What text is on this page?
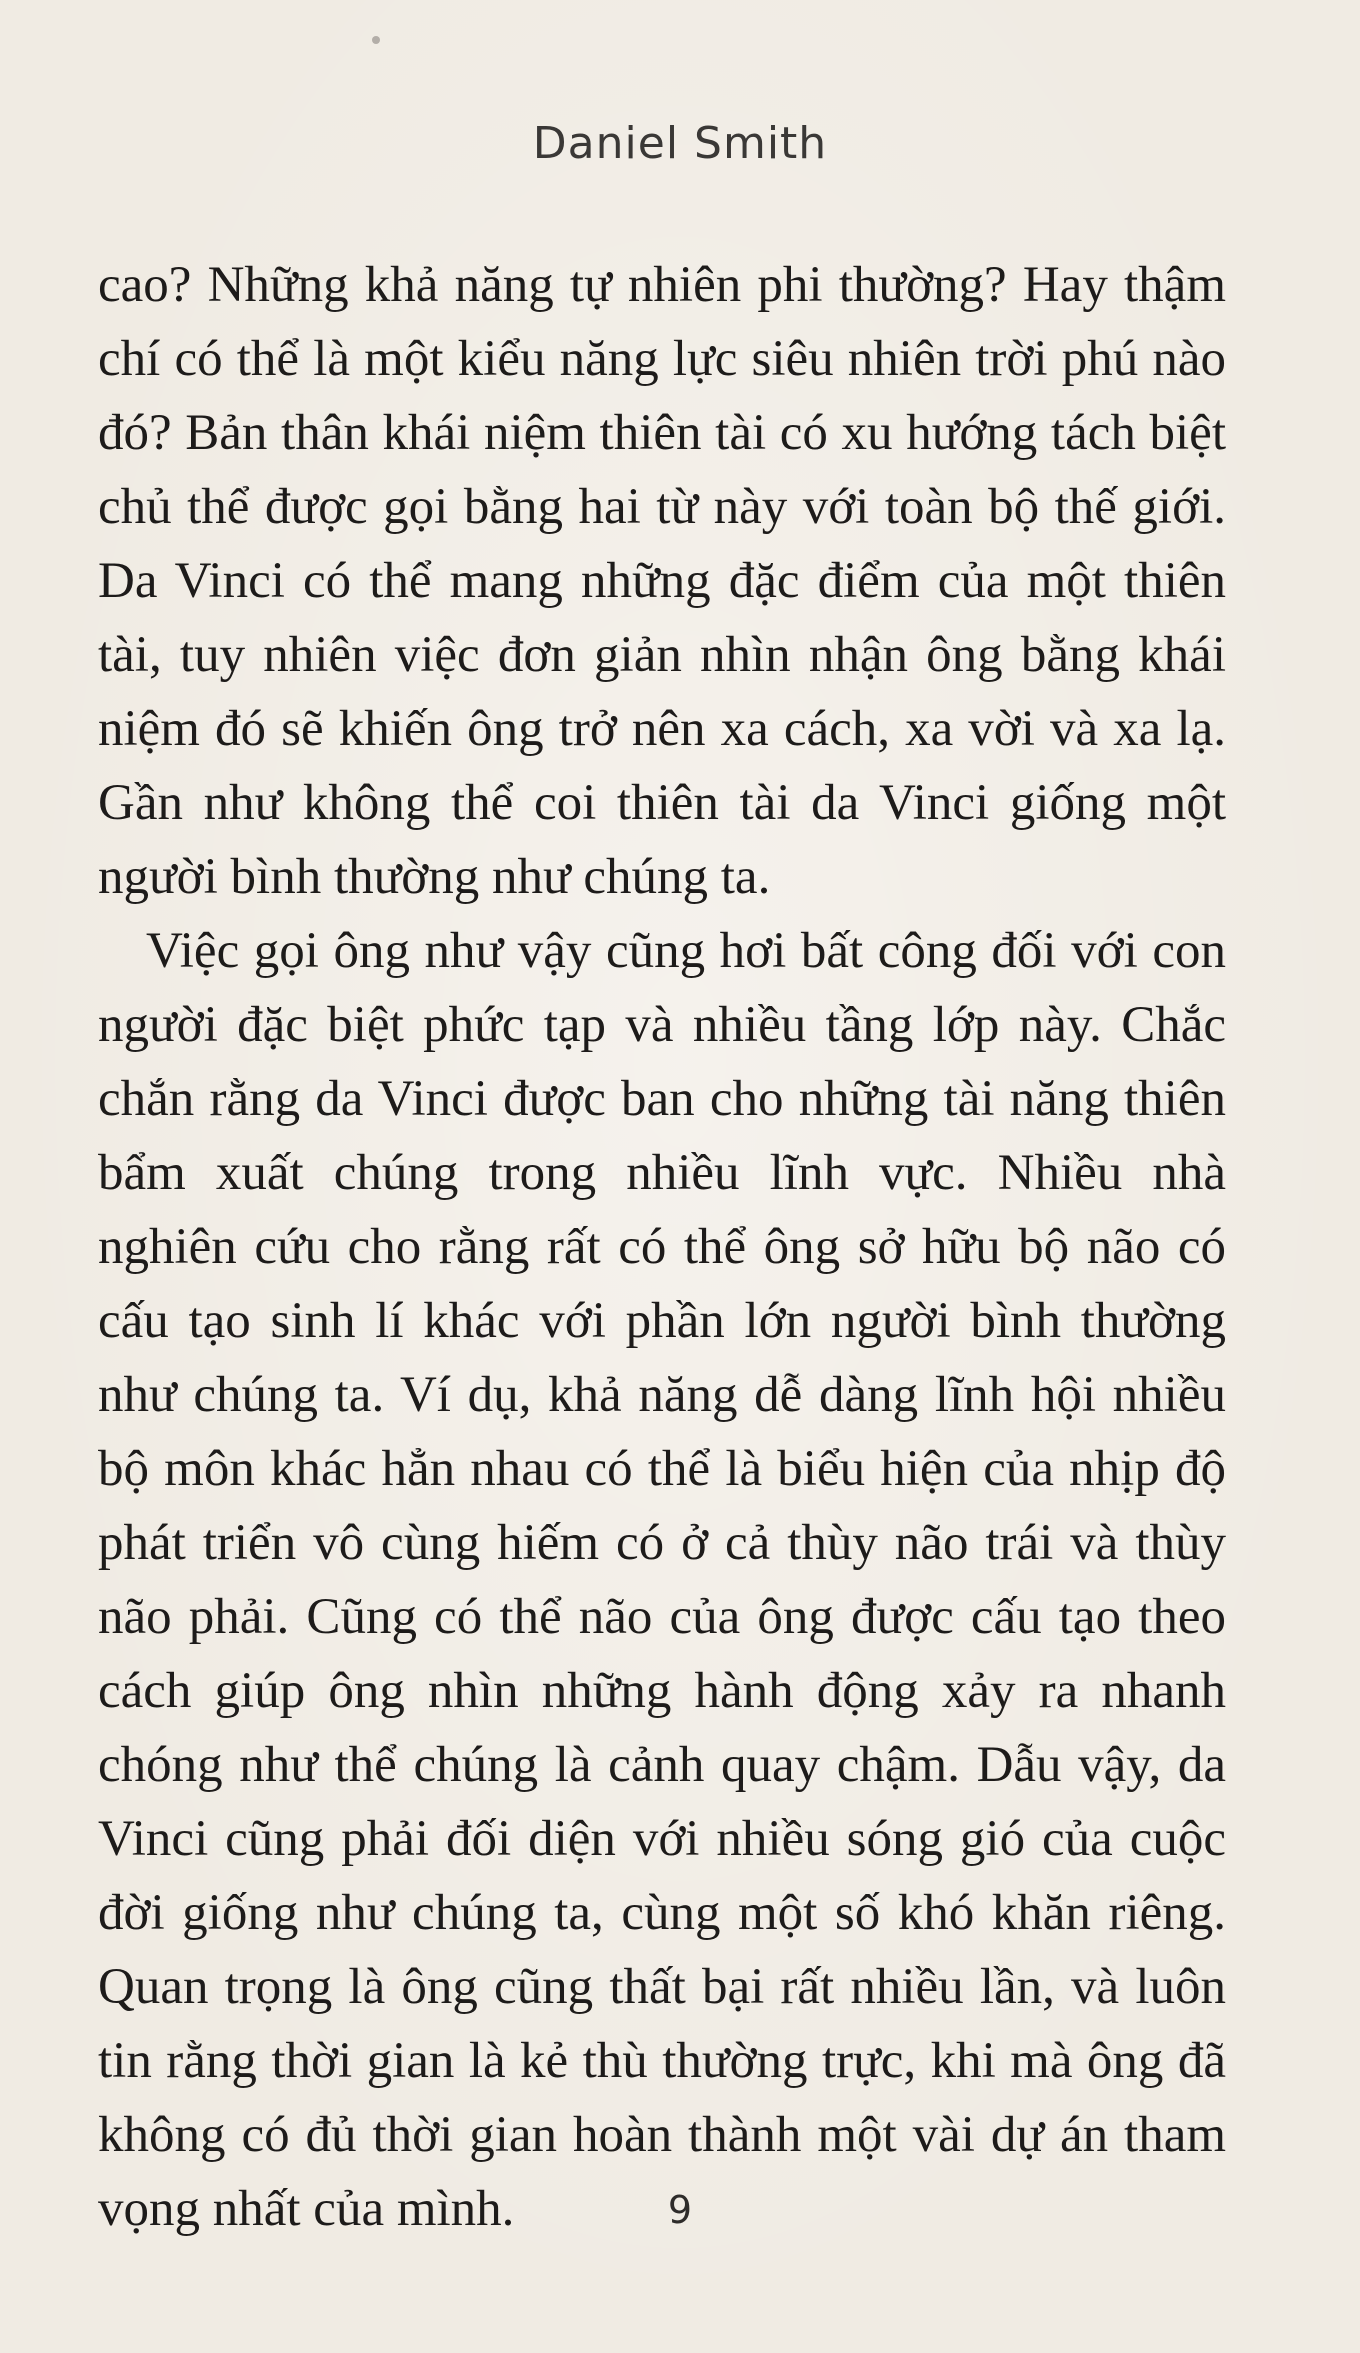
Daniel Smith

cao? Những khả năng tự nhiên phi thường? Hay thậm chí có thể là một kiểu năng lực siêu nhiên trời phú nào đó? Bản thân khái niệm thiên tài có xu hướng tách biệt chủ thể được gọi bằng hai từ này với toàn bộ thế giới. Da Vinci có thể mang những đặc điểm của một thiên tài, tuy nhiên việc đơn giản nhìn nhận ông bằng khái niệm đó sẽ khiến ông trở nên xa cách, xa vời và xa lạ. Gần như không thể coi thiên tài da Vinci giống một người bình thường như chúng ta.

Việc gọi ông như vậy cũng hơi bất công đối với con người đặc biệt phức tạp và nhiều tầng lớp này. Chắc chắn rằng da Vinci được ban cho những tài năng thiên bẩm xuất chúng trong nhiều lĩnh vực. Nhiều nhà nghiên cứu cho rằng rất có thể ông sở hữu bộ não có cấu tạo sinh lí khác với phần lớn người bình thường như chúng ta. Ví dụ, khả năng dễ dàng lĩnh hội nhiều bộ môn khác hẳn nhau có thể là biểu hiện của nhịp độ phát triển vô cùng hiếm có ở cả thùy não trái và thùy não phải. Cũng có thể não của ông được cấu tạo theo cách giúp ông nhìn những hành động xảy ra nhanh chóng như thể chúng là cảnh quay chậm. Dẫu vậy, da Vinci cũng phải đối diện với nhiều sóng gió của cuộc đời giống như chúng ta, cùng một số khó khăn riêng. Quan trọng là ông cũng thất bại rất nhiều lần, và luôn tin rằng thời gian là kẻ thù thường trực, khi mà ông đã không có đủ thời gian hoàn thành một vài dự án tham vọng nhất của mình.	9
